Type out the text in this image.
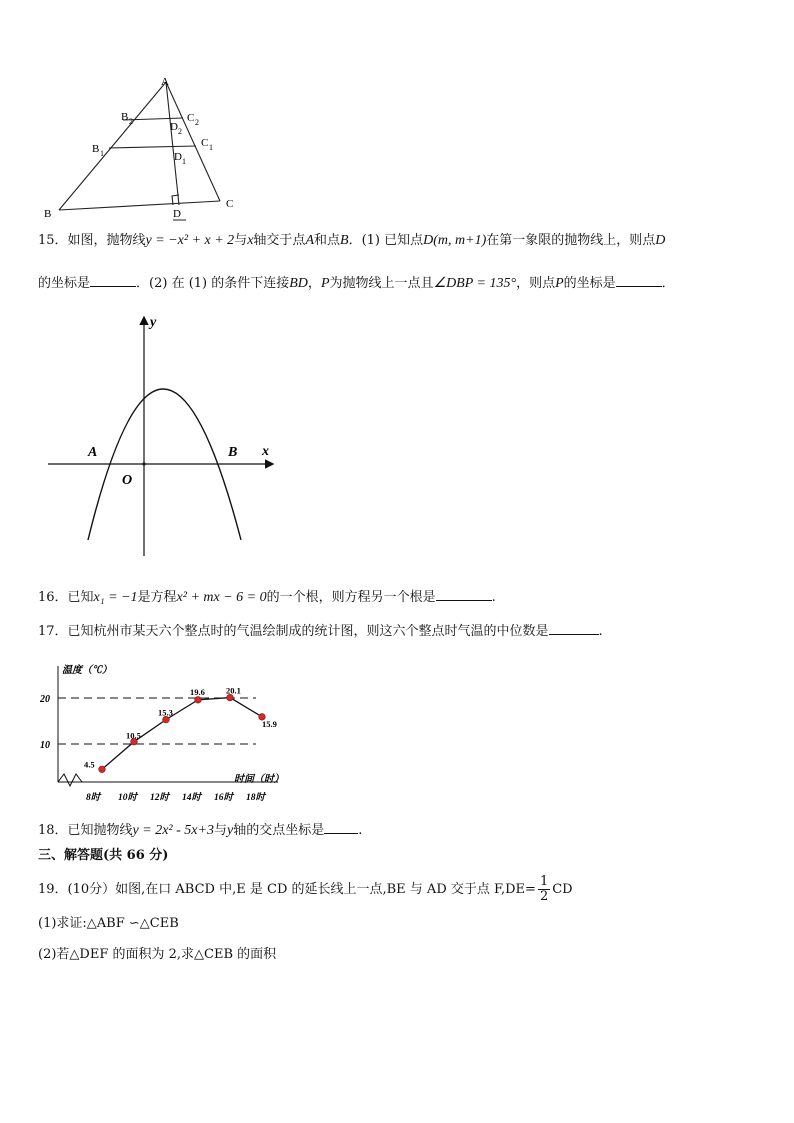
A
B
C
B 2
B 1
C 2
C 1
D 2
D 1
D
15．如图，抛物线y = −x² + x + 2与x轴交于点A和点B．(1) 已知点D(m, m+1)在第一象限的抛物线上，则点D
的坐标是	．(2) 在 (1) 的条件下连接BD，P为抛物线上一点且∠DBP = 135°，则点P的坐标是	．
y
x
A	B
O
16．已知x₁ = −1是方程x² + mx − 6 = 0的一个根，则方程另一个根是	.
17．已知杭州市某天六个整点时的气温绘制成的统计图，则这六个整点时气温的中位数是	.
温度（℃）
时间（时）
10
20
4.5
8时
10.5
10时
15.3
12时
19.6
14时
20.1
16时
15.9
18时
18．已知抛物线y = 2x² - 5x+3与y轴的交点坐标是	.
三、解答题(共 66 分)
19．(10分）如图,在口 ABCD 中,E 是 CD 的延长线上一点,BE 与 AD 交于点 $F,DE= \frac{1}{2}$ CD
(1)求证:△ABF ∽△CEB
(2)若△DEF 的面积为 2,求△CEB 的面积
